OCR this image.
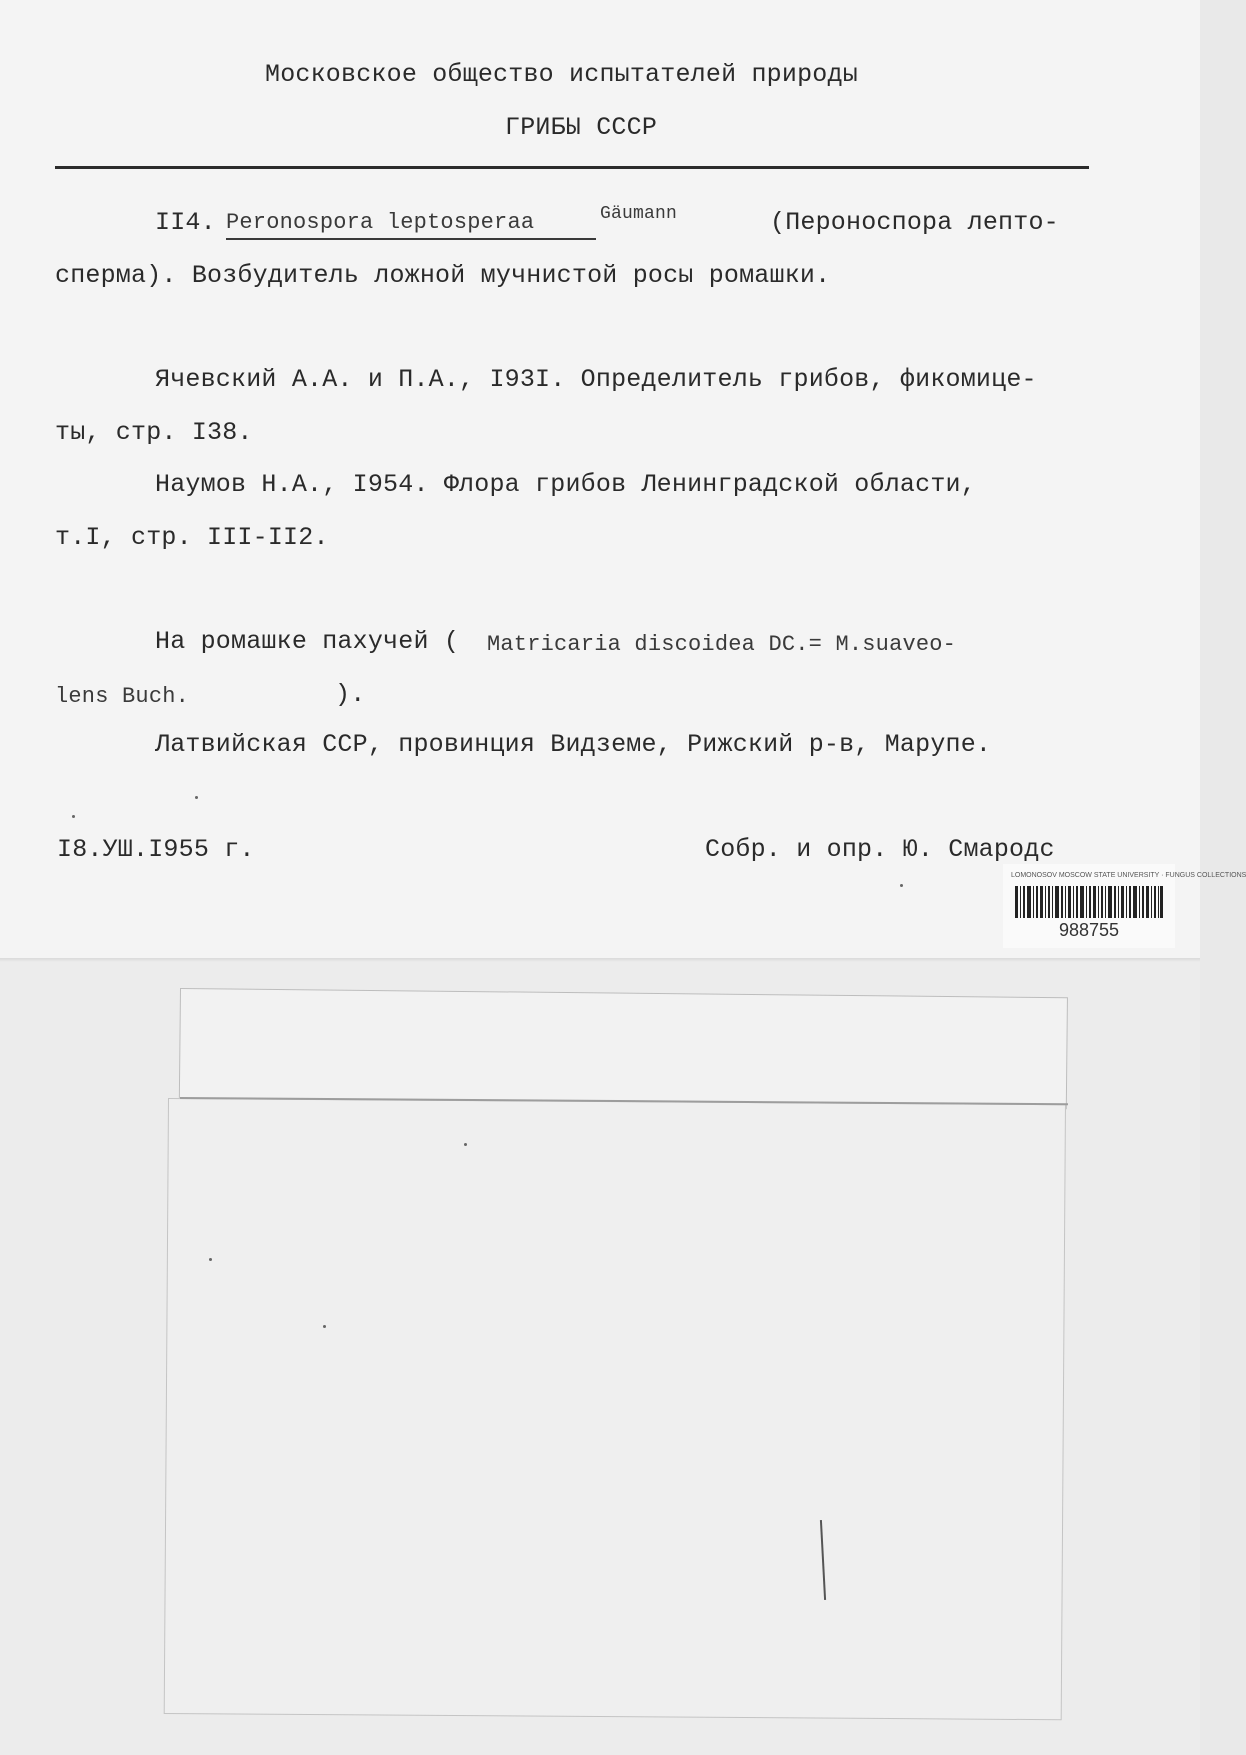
Московское общество испытателей природы
ГРИБЫ СССР
II4. Peronospora leptosperaa	Gäumann	(Пероноспора лепто-
сперма). Возбудитель ложной мучнистой росы ромашки.
Ячевский А.А. и П.А., I93I. Определитель грибов, фикомице-
ты, стр. I38.
Наумов Н.А., I954. Флора грибов Ленинградской области,
т.I, стр. III-II2.
На ромашке пахучей ( Matricaria discoidea DC.= M.suaveo-
lens Buch.	).
Латвийская ССР, провинция Видземе, Рижский р-в, Марупе.
I8.УШ.I955 г.	Собр. и опр. Ю. Смародс
LOMONOSOV MOSCOW STATE UNIVERSITY · FUNGUS COLLECTIONS
988755
